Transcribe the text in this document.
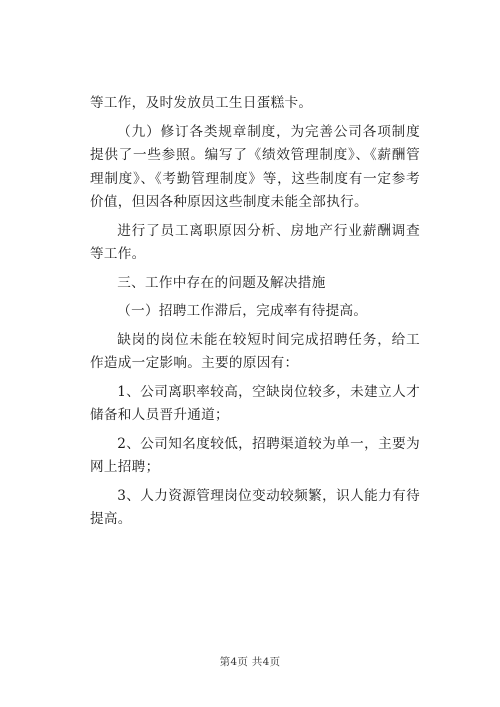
等工作，及时发放员工生日蛋糕卡。

（九）修订各类规章制度，为完善公司各项制度提供了一些参照。编写了《绩效管理制度》、《薪酬管理制度》、《考勤管理制度》等，这些制度有一定参考价值，但因各种原因这些制度未能全部执行。

进行了员工离职原因分析、房地产行业薪酬调查等工作。

三、工作中存在的问题及解决措施

（一）招聘工作滞后，完成率有待提高。

缺岗的岗位未能在较短时间完成招聘任务，给工作造成一定影响。主要的原因有：

1、公司离职率较高，空缺岗位较多，未建立人才储备和人员晋升通道；

2、公司知名度较低，招聘渠道较为单一，主要为网上招聘；

3、人力资源管理岗位变动较频繁，识人能力有待提高。

第4页 共4页
